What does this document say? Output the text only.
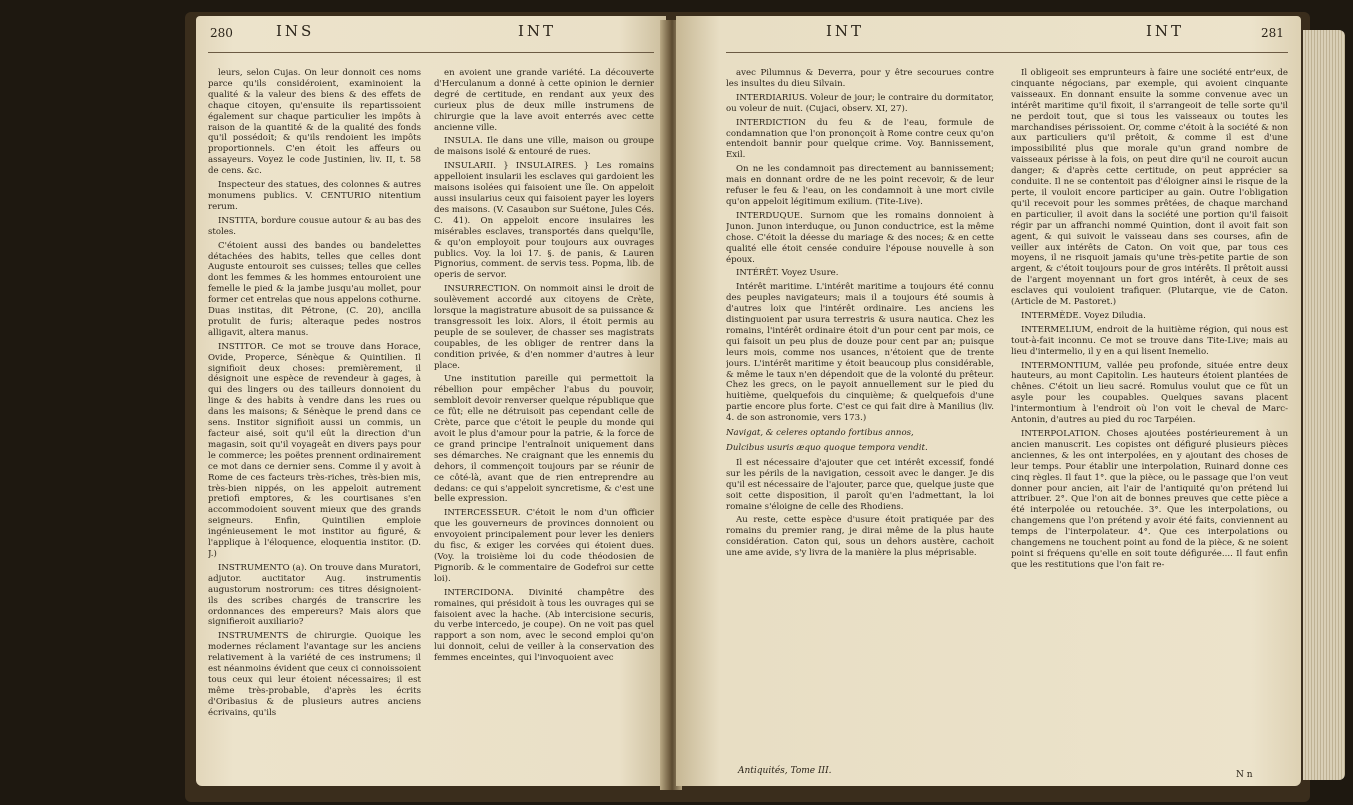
280	INS	INT

leurs, selon Cujas. On leur donnoit ces noms parce qu'ils considéroient, examinoient la qualité & la valeur des biens & des effets de chaque citoyen, qu'ensuite ils repartissoient également sur chaque particulier les impôts à raison de la quantité & de la qualité des fonds qu'il possédoit; & qu'ils rendoient les impôts proportionnels. C'en étoit les affeurs ou assayeurs. Voyez le code Justinien, liv. II, t. 58 de cens. &c.

Inspecteur des statues, des colonnes & autres monumens publics. V. CENTURIO nitentium rerum.

INSTITA, bordure cousue autour & au bas des stoles.

C'étoient aussi des bandes ou bandelettes détachées des habits, telles que celles dont Auguste entouroit ses cuisses; telles que celles dont les femmes & les hommes entouroient une femelle le pied & la jambe jusqu'au mollet, pour former cet entrelas que nous appelons cothurne. Duas institas, dit Pétrone, (C. 20), ancilla protulit de furis; alteraque pedes nostros alligavit, altera manus.

INSTITOR. Ce mot se trouve dans Horace, Ovide, Properce, Sénèque & Quintilien. Il signifioit deux choses: premièrement, il désignoit une espèce de revendeur à gages, à qui des lingers ou des tailleurs donnoient du linge & des habits à vendre dans les rues ou dans les maisons; & Sénèque le prend dans ce sens. Institor signifioit aussi un commis, un facteur aisé, soit qu'il eût la direction d'un magasin, soit qu'il voyageât en divers pays pour le commerce; les poëtes prennent ordinairement ce mot dans ce dernier sens. Comme il y avoit à Rome de ces facteurs très-riches, très-bien mis, très-bien nippés, on les appeloit autrement pretiofi emptores, & les courtisanes s'en accommodoient souvent mieux que des grands seigneurs. Enfin, Quintilien emploie ingénieusement le mot institor au figuré, & l'applique à l'éloquence, eloquentia institor. (D. J.)

INSTRUMENTO (a). On trouve dans Muratori, adjutor. auctitator Aug. instrumentis augustorum nostrorum: ces titres désignoient-ils des scribes chargés de transcrire les ordonnances des empereurs? Mais alors que signifieroit auxiliario?

INSTRUMENTS de chirurgie. Quoique les modernes réclament l'avantage sur les anciens relativement à la variété de ces instrumens; il est néanmoins évident que ceux ci connoissoient tous ceux qui leur étoient nécessaires; il est même très-probable, d'après les écrits d'Oribasius & de plusieurs autres anciens écrivains, qu'ils

en avoient une grande variété. La découverte d'Herculanum a donné à cette opinion le dernier degré de certitude, en rendant aux yeux des curieux plus de deux mille instrumens de chirurgie que la lave avoit enterrés avec cette ancienne ville.

INSULA. Ile dans une ville, maison ou groupe de maisons isolé & entouré de rues.

INSULARII. } INSULAIRES. } Les romains appelloient insularii les esclaves qui gardoient les maisons isolées qui faisoient une île. On appeloit aussi insularius ceux qui faisoient payer les loyers des maisons. (V. Casaubon sur Suétone, Jules Cés. C. 41). On appeloit encore insulaires les misérables esclaves, transportés dans quelqu'île, & qu'on employoit pour toujours aux ouvrages publics. Voy. la loi 17. §. de panis, & Lauren Pignorius, comment. de servis tess. Popma, lib. de operis de servor.

INSURRECTION. On nommoit ainsi le droit de soulèvement accordé aux citoyens de Crète, lorsque la magistrature abusoit de sa puissance & transgressoit les loix. Alors, il étoit permis au peuple de se soulever, de chasser ses magistrats coupables, de les obliger de rentrer dans la condition privée, & d'en nommer d'autres à leur place.

Une institution pareille qui permettoit la rébellion pour empêcher l'abus du pouvoir, sembloit devoir renverser quelque république que ce fût; elle ne détruisoit pas cependant celle de Crète, parce que c'étoit le peuple du monde qui avoit le plus d'amour pour la patrie, & la force de ce grand principe l'entraînoit uniquement dans ses démarches. Ne craignant que les ennemis du dehors, il commençoit toujours par se réunir de ce côté-là, avant que de rien entreprendre au dedans: ce qui s'appeloit syncretisme, & c'est une belle expression.

INTERCESSEUR. C'étoit le nom d'un officier que les gouverneurs de provinces donnoient ou envoyoient principalement pour lever les deniers du fisc, & exiger les corvées qui étoient dues. (Voy. la troisième loi du code théodosien de Pignorib. & le commentaire de Godefroi sur cette loi).

INTERCIDONA. Divinité champêtre des romaines, qui présidoit à tous les ouvrages qui se faisoient avec la hache. (Ab intercisione securis, du verbe intercedo, je coupe). On ne voit pas quel rapport a son nom, avec le second emploi qu'on lui donnoit, celui de veiller à la conservation des femmes enceintes, qui l'invoquoient avec

INT	INT	281

avec Pilumnus & Deverra, pour y être secourues contre les insultes du dieu Silvain.

INTERDIARIUS. Voleur de jour; le contraire du dormitator, ou voleur de nuit. (Cujaci, observ. XI, 27).

INTERDICTION du feu & de l'eau, formule de condamnation que l'on prononçoit à Rome contre ceux qu'on entendoit bannir pour quelque crime. Voy. Bannissement, Exil.

On ne les condamnoit pas directement au bannissement; mais en donnant ordre de ne les point recevoir, & de leur refuser le feu & l'eau, on les condamnoit à une mort civile qu'on appeloit légitimum exilium. (Tite-Live).

INTERDUQUE. Surnom que les romains donnoient à Junon. Junon interduque, ou Junon conductrice, est la même chose. C'étoit la déesse du mariage & des noces; & en cette qualité elle étoit censée conduire l'épouse nouvelle à son époux.

INTÉRÊT. Voyez Usure.

Intérêt maritime. L'intérêt maritime a toujours été connu des peuples navigateurs; mais il a toujours été soumis à d'autres loix que l'intérêt ordinaire. Les anciens les distinguoient par usura terrestris & usura nautica. Chez les romains, l'intérêt ordinaire étoit d'un pour cent par mois, ce qui faisoit un peu plus de douze pour cent par an; puisque leurs mois, comme nos usances, n'étoient que de trente jours. L'intérêt maritime y étoit beaucoup plus considérable, & même le taux n'en dépendoit que de la volonté du prêteur. Chez les grecs, on le payoit annuellement sur le pied du huitième, quelquefois du cinquième; & quelquefois d'une partie encore plus forte. C'est ce qui fait dire à Manilius (liv. 4. de son astronomie, vers 173.)

Navigat, & celeres optando fortibus annos,

Dulcibus usuris æquo quoque tempora vendit.

Il est nécessaire d'ajouter que cet intérêt excessif, fondé sur les périls de la navigation, cessoit avec le danger. Je dis qu'il est nécessaire de l'ajouter, parce que, quelque juste que soit cette disposition, il paroît qu'en l'admettant, la loi romaine s'éloigne de celle des Rhodiens.

Au reste, cette espèce d'usure étoit pratiquée par des romains du premier rang, je dirai même de la plus haute considération. Caton qui, sous un dehors austère, cachoit une ame avide, s'y livra de la manière la plus méprisable.

Il obligeoit ses emprunteurs à faire une société entr'eux, de cinquante négocians, par exemple, qui avoient cinquante vaisseaux. En donnant ensuite la somme convenue avec un intérêt maritime qu'il fixoit, il s'arrangeoit de telle sorte qu'il ne perdoit tout, que si tous les vaisseaux ou toutes les marchandises périssoient. Or, comme c'étoit à la société & non aux particuliers qu'il prêtoit, & comme il est d'une impossibilité plus que morale qu'un grand nombre de vaisseaux périsse à la fois, on peut dire qu'il ne couroit aucun danger; & d'après cette certitude, on peut apprécier sa conduite. Il ne se contentoit pas d'éloigner ainsi le risque de la perte, il vouloit encore participer au gain. Outre l'obligation qu'il recevoit pour les sommes prêtées, de chaque marchand en particulier, il avoit dans la société une portion qu'il faisoit régir par un affranchi nommé Quintion, dont il avoit fait son agent, & qui suivoit le vaisseau dans ses courses, afin de veiller aux intérêts de Caton. On voit que, par tous ces moyens, il ne risquoit jamais qu'une très-petite partie de son argent, & c'étoit toujours pour de gros intérêts. Il prêtoit aussi de l'argent moyennant un fort gros intérêt, à ceux de ses esclaves qui vouloient trafiquer. (Plutarque, vie de Caton. (Article de M. Pastoret.)

INTERMÈDE. Voyez Diludia.

INTERMELIUM, endroit de la huitième région, qui nous est tout-à-fait inconnu. Ce mot se trouve dans Tite-Live; mais au lieu d'intermelio, il y en a qui lisent Inemelio.

INTERMONTIUM, vallée peu profonde, située entre deux hauteurs, au mont Capitolin. Les hauteurs étoient plantées de chênes. C'étoit un lieu sacré. Romulus voulut que ce fût un asyle pour les coupables. Quelques savans placent l'intermontium à l'endroit où l'on voit le cheval de Marc-Antonin, d'autres au pied du roc Tarpéien.

INTERPOLATION. Choses ajoutées postérieurement à un ancien manuscrit. Les copistes ont défiguré plusieurs pièces anciennes, & les ont interpolées, en y ajoutant des choses de leur temps. Pour établir une interpolation, Ruinard donne ces cinq règles. Il faut 1°. que la pièce, ou le passage que l'on veut donner pour ancien, ait l'air de l'antiquité qu'on prétend lui attribuer. 2°. Que l'on ait de bonnes preuves que cette pièce a été interpolée ou retouchée. 3°. Que les interpolations, ou changemens que l'on prétend y avoir été faits, conviennent au temps de l'interpolateur. 4°. Que ces interpolations ou changemens ne touchent point au fond de la pièce, & ne soient point si fréquens qu'elle en soit toute défigurée.... Il faut enfin que les restitutions que l'on fait re-

Antiquités, Tome III.	N n
